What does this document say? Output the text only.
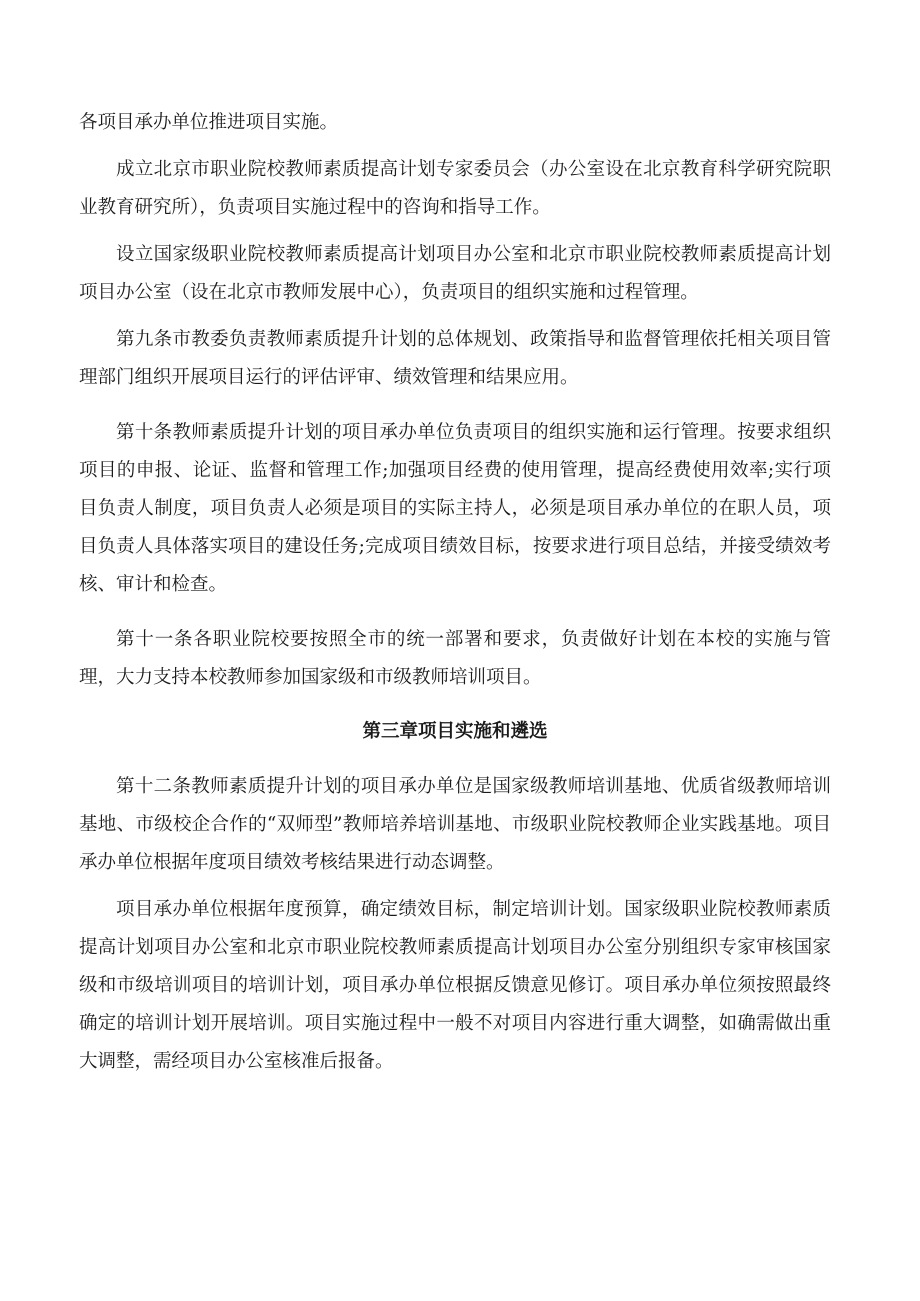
各项目承办单位推进项目实施。

成立北京市职业院校教师素质提高计划专家委员会（办公室设在北京教育科学研究院职业教育研究所），负责项目实施过程中的咨询和指导工作。

设立国家级职业院校教师素质提高计划项目办公室和北京市职业院校教师素质提高计划项目办公室（设在北京市教师发展中心），负责项目的组织实施和过程管理。

第九条市教委负责教师素质提升计划的总体规划、政策指导和监督管理依托相关项目管理部门组织开展项目运行的评估评审、绩效管理和结果应用。

第十条教师素质提升计划的项目承办单位负责项目的组织实施和运行管理。按要求组织项目的申报、论证、监督和管理工作;加强项目经费的使用管理，提高经费使用效率;实行项目负责人制度，项目负责人必须是项目的实际主持人，必须是项目承办单位的在职人员，项目负责人具体落实项目的建设任务;完成项目绩效目标，按要求进行项目总结，并接受绩效考核、审计和检查。

第十一条各职业院校要按照全市的统一部署和要求，负责做好计划在本校的实施与管理，大力支持本校教师参加国家级和市级教师培训项目。

第三章项目实施和遴选

第十二条教师素质提升计划的项目承办单位是国家级教师培训基地、优质省级教师培训基地、市级校企合作的“双师型”教师培养培训基地、市级职业院校教师企业实践基地。项目承办单位根据年度项目绩效考核结果进行动态调整。

项目承办单位根据年度预算，确定绩效目标，制定培训计划。国家级职业院校教师素质提高计划项目办公室和北京市职业院校教师素质提高计划项目办公室分别组织专家审核国家级和市级培训项目的培训计划，项目承办单位根据反馈意见修订。项目承办单位须按照最终确定的培训计划开展培训。项目实施过程中一般不对项目内容进行重大调整，如确需做出重大调整，需经项目办公室核准后报备。
